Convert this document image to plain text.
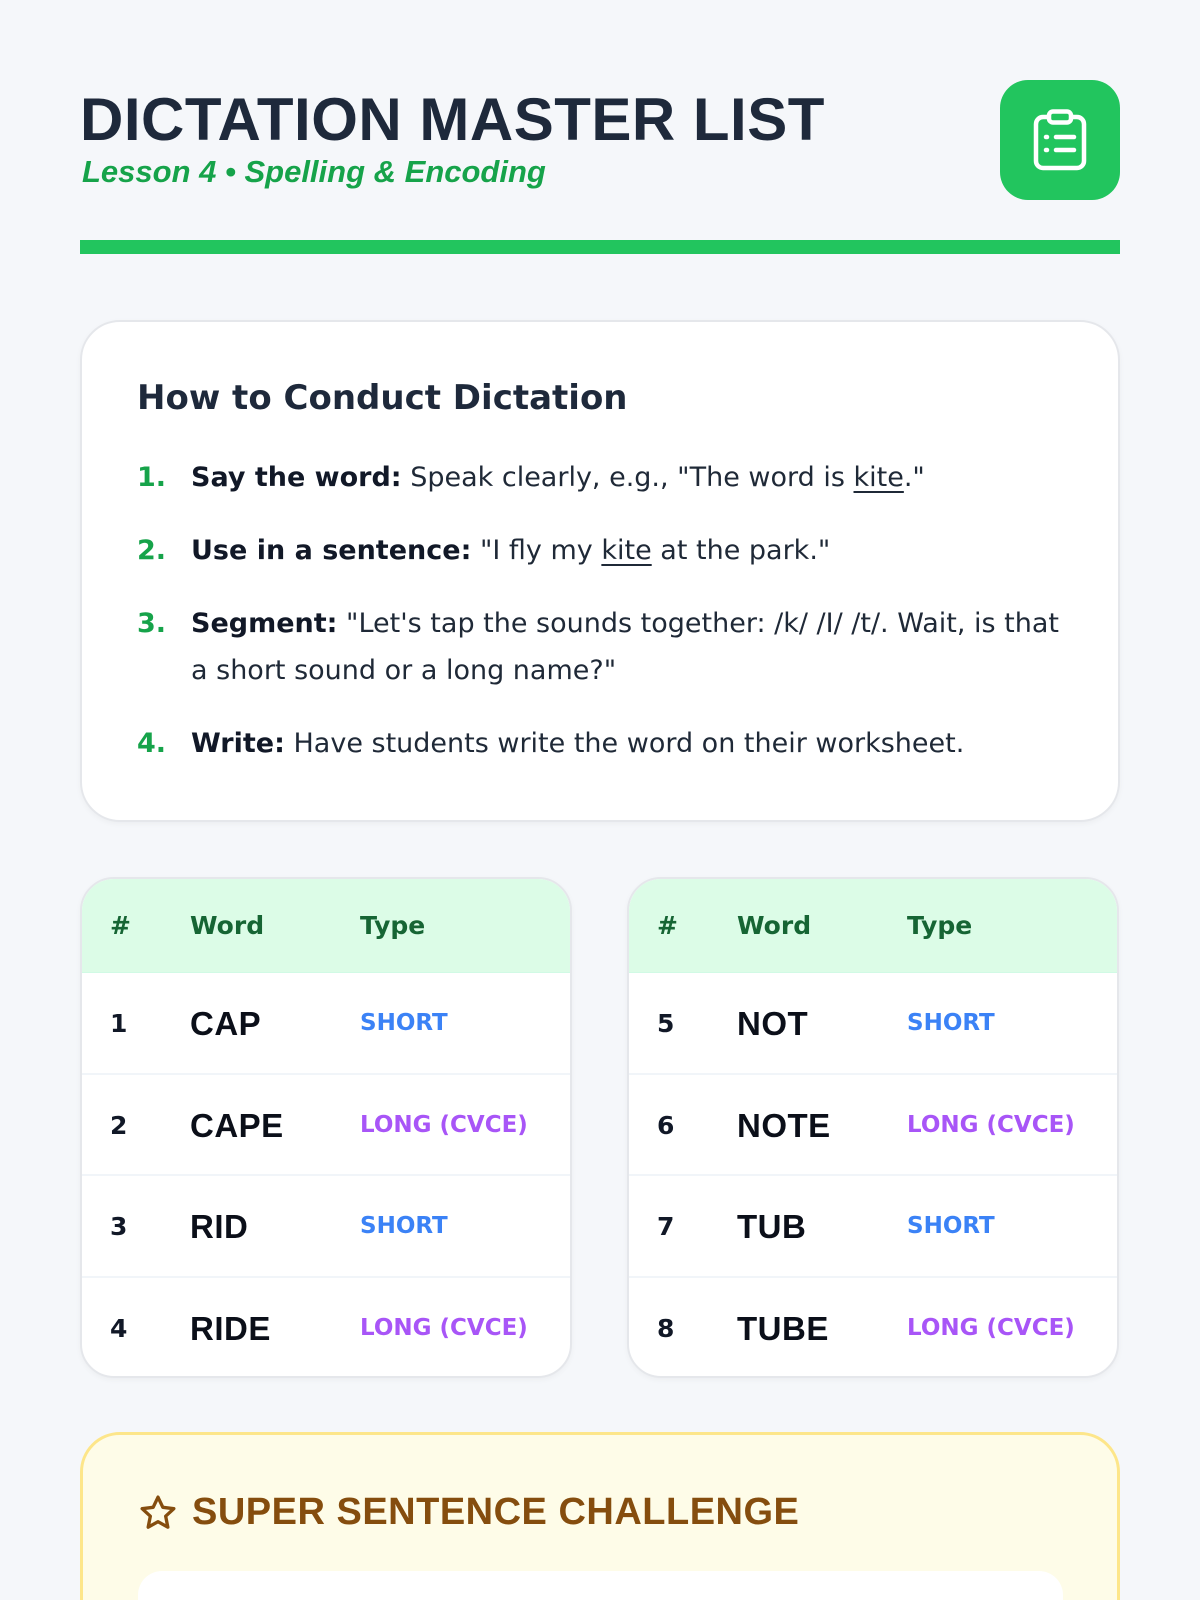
DICTATION MASTER LIST
Lesson 4 • Spelling & Encoding
How to Conduct Dictation
1. Say the word: Speak clearly, e.g., "The word is kite."
2. Use in a sentence: "I fly my kite at the park."
3. Segment: "Let's tap the sounds together: /k/ /I/ /t/. Wait, is that a short sound or a long name?"
4. Write: Have students write the word on their worksheet.
# Word	Type
1 CAP	SHORT
2 CAPE	LONG (CVCE)
3 RID	SHORT
4 RIDE	LONG (CVCE)
# Word	Type
5 NOT	SHORT
6 NOTE	LONG (CVCE)
7 TUB	SHORT
8 TUBE	LONG (CVCE)
SUPER SENTENCE CHALLENGE
